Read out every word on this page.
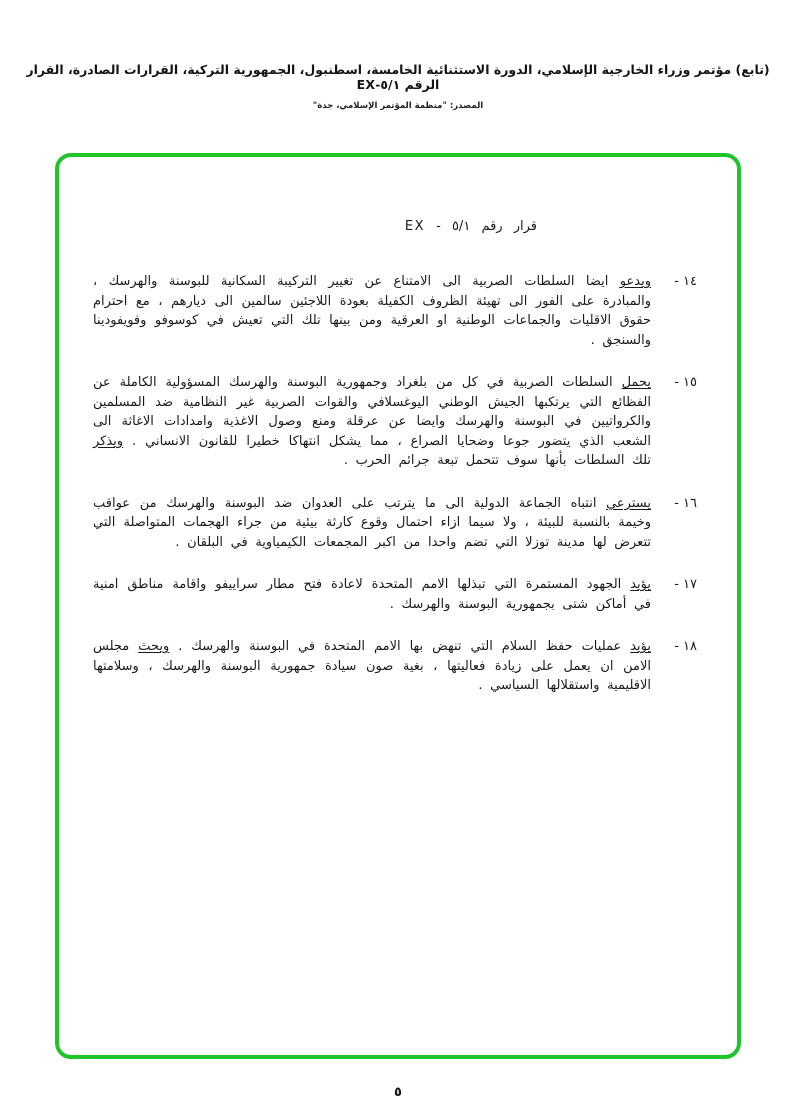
(تابع) مؤتمر وزراء الخارجية الإسلامي، الدورة الاستثنائية الخامسة، اسطنبول، الجمهورية التركية، القرارات الصادرة، القرار الرقم ٥/١-EX
المصدر: "منظمة المؤتمر الإسلامي، جدة"
قرار رقم ٥/١ - EX
١٤ -
ويدعو ايضا السلطات الصربية الى الامتناع عن تغيير التركيبة السكانية للبوسنة والهرسك ، والمبادرة على الفور الى تهيئة الظروف الكفيلة بعودة اللاجئين سالمين الى ديارهم ، مع احترام حقوق الاقليات والجماعات الوطنية او العرقية ومن بينها تلك التي تعيش في كوسوفو وفويفودينا والسنجق .
١٥ -
يحمل السلطات الصربية في كل من بلغراد وجمهورية البوسنة والهرسك المسؤولية الكاملة عن الفظائع التي يرتكبها الجيش الوطني اليوغسلافي والقوات الصربية غير النظامية ضد المسلمين والكرواتيين في البوسنة والهرسك وايضا عن عرقلة ومنع وصول الاغذية وامدادات الاغاثة الى الشعب الذي يتضور جوعا وضحايا الصراع ، مما يشكل انتهاكا خطيرا للقانون الانساني . ويذكر تلك السلطات بأنها سوف تتحمل تبعة جرائم الحرب .
١٦ -
يسترعي انتباه الجماعة الدولية الى ما يترتب على العدوان ضد البوسنة والهرسك من عواقب وخيمة بالنسبة للبيئة ، ولا سيما ازاء احتمال وقوع كارثة بيئية من جراء الهجمات المتواصلة التي تتعرض لها مدينة توزلا التي تضم واحدا من اكبر المجمعات الكيمياوية في البلقان .
١٧ -
يؤيد الجهود المستمرة التي تبذلها الامم المتحدة لاعادة فتح مطار سراييفو واقامة مناطق امنية في أماكن شتى بجمهورية البوسنة والهرسك .
١٨ -
يؤيد عمليات حفظ السلام التي تنهض بها الامم المتحدة في البوسنة والهرسك . ويحث مجلس الامن ان يعمل على زيادة فعاليتها ، بغية صون سيادة جمهورية البوسنة والهرسك ، وسلامتها الاقليمية واستقلالها السياسي .
٥
